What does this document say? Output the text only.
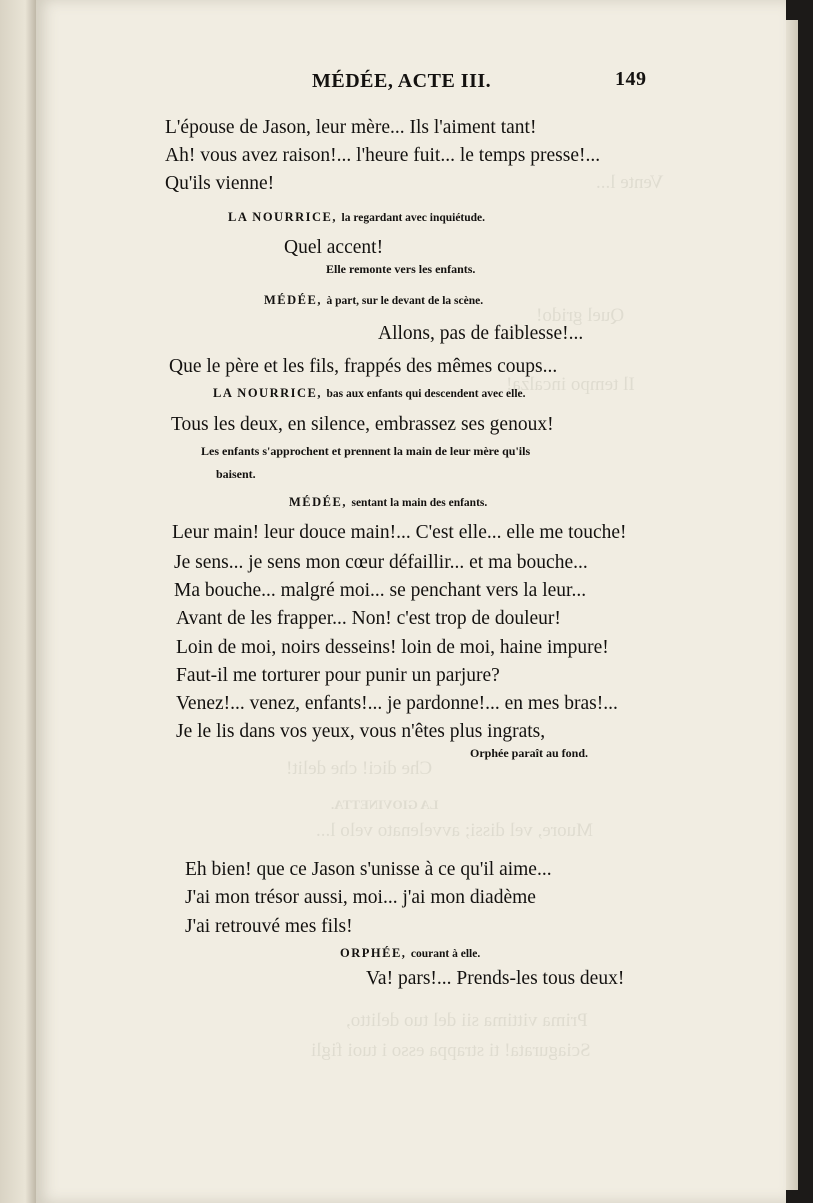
Vente l...
Quel grido!
Il tempo incalza!
Che dici! che delit!
LA GIOVINETTA.
Muore, vel dissi; avvelenato velo l...
Prima vittima sii del tuo delitto,
Sciagurata! ti strappa esso i tuoi figli
MÉDÉE, ACTE III.	149
L'épouse de Jason, leur mère... Ils l'aiment tant!
Ah! vous avez raison!... l'heure fuit... le temps presse!...
Qu'ils vienne!
LA NOURRICE, la regardant avec inquiétude.
Quel accent!
Elle remonte vers les enfants.
MÉDÉE, à part, sur le devant de la scène.
Allons, pas de faiblesse!...
Que le père et les fils, frappés des mêmes coups...
LA NOURRICE, bas aux enfants qui descendent avec elle.
Tous les deux, en silence, embrassez ses genoux!
Les enfants s'approchent et prennent la main de leur mère qu'ils
baisent.
MÉDÉE, sentant la main des enfants.
Leur main! leur douce main!... C'est elle... elle me touche!
Je sens... je sens mon cœur défaillir... et ma bouche...
Ma bouche... malgré moi... se penchant vers la leur...
Avant de les frapper... Non! c'est trop de douleur!
Loin de moi, noirs desseins! loin de moi, haine impure!
Faut-il me torturer pour punir un parjure?
Venez!... venez, enfants!... je pardonne!... en mes bras!...
Je le lis dans vos yeux, vous n'êtes plus ingrats,
Orphée paraît au fond.
Eh bien! que ce Jason s'unisse à ce qu'il aime...
J'ai mon trésor aussi, moi... j'ai mon diadème
J'ai retrouvé mes fils!
ORPHÉE, courant à elle.
Va! pars!... Prends-les tous deux!
